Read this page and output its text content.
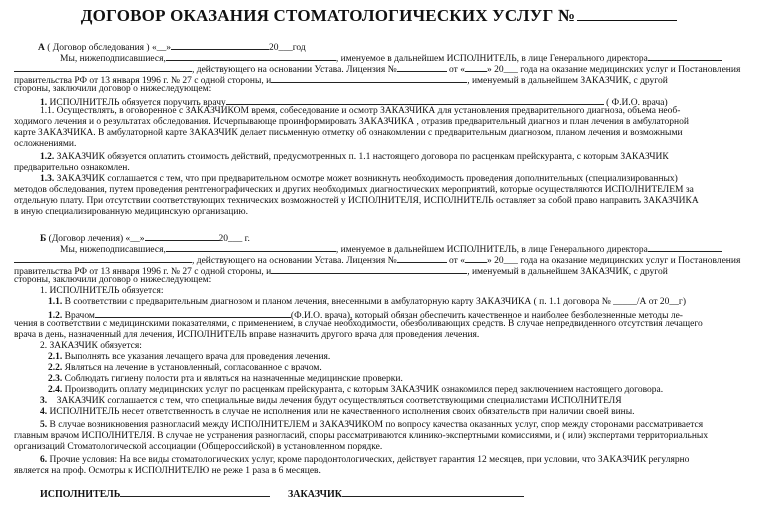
ДОГОВОР ОКАЗАНИЯ СТОМАТОЛОГИЧЕСКИХ УСЛУГ №
А ( Договор обследования ) «__»	20___год
Мы, нижеподписавшиеся,	, именуемое в дальнейшем ИСПОЛНИТЕЛЬ, в лице Генерального директора
, действующего на основании Устава. Лицензия №	от « » 20___ года на оказание медицинских услуг и Постановления
правительства РФ от 13 января 1996 г. № 27 с одной стороны, и	, именуемый в дальнейшем ЗАКАЗЧИК, с другой
стороны, заключили договор о нижеследующем:
1. ИСПОЛНИТЕЛЬ обязуется поручить врачу	( Ф.И.О. врача)
1.1. Осуществлять, в оговоренное с ЗАКАЗЧИКОМ время, собеседование и осмотр ЗАКАЗЧИКА для установления предварительного диагноза, объема необ-
ходимого лечения и о результатах обследования. Исчерпывающе проинформировать ЗАКАЗЧИКА , отразив предварительный диагноз и план лечения в амбулаторной
карте ЗАКАЗЧИКА. В амбулаторной карте ЗАКАЗЧИК делает письменную отметку об ознакомлении с предварительным диагнозом, планом лечения и возможными
осложнениями.
1.2. ЗАКАЗЧИК обязуется оплатить стоимость действий, предусмотренных п. 1.1 настоящего договора по расценкам прейскуранта, с которым ЗАКАЗЧИК
предварительно ознакомлен.
1.3. ЗАКАЗЧИК соглашается с тем, что при предварительном осмотре может возникнуть необходимость проведения дополнительных (специализированных)
методов обследования, путем проведения рентгенографических и других необходимых диагностических мероприятий, которые осуществляются ИСПОЛНИТЕЛЕМ за
отдельную плату. При отсутствии соответствующих технических возможностей у ИСПОЛНИТЕЛЯ, ИСПОЛНИТЕЛЬ оставляет за собой право направить ЗАКАЗЧИКА
в иную специализированную медицинскую организацию.
Б (Договор лечения) «__»	20___ г.
Мы, нижеподписавшиеся,	, именуемое в дальнейшем ИСПОЛНИТЕЛЬ, в лице Генерального директора
, действующего на основании Устава. Лицензия №	от « » 20___ года на оказание медицинских услуг и Постановления
правительства РФ от 13 января 1996 г. № 27 с одной стороны, и	, именуемый в дальнейшем ЗАКАЗЧИК, с другой
стороны, заключили договор о нижеследующем:
1. ИСПОЛНИТЕЛЬ обязуется:
1.1. В соответствии с предварительным диагнозом и планом лечения, внесенными в амбулаторную карту ЗАКАЗЧИКА ( п. 1.1 договора № _____/А от 20__г)
1.2. Врачом	(Ф.И.О. врача), который обязан обеспечить качественное и наиболее безболезненные методы ле-
чения в соответствии с медицинскими показателями, с применением, в случае необходимости, обезболивающих средств. В случае непредвиденного отсутствия лечащего
врача в день, назначенный для лечения, ИСПОЛНИТЕЛЬ вправе назначить другого врача для проведения лечения.
2. ЗАКАЗЧИК обязуется:
2.1. Выполнять все указания лечащего врача для проведения лечения.
2.2. Являться на лечение в установленный, согласованное с врачом.
2.3. Соблюдать гигиену полости рта и являться на назначенные медицинские проверки.
2.4. Производить оплату медицинских услуг по расценкам прейскуранта, с которым ЗАКАЗЧИК ознакомился перед заключением настоящего договора.
3. ЗАКАЗЧИК соглашается с тем, что специальные виды лечения будут осуществляться соответствующими специалистами ИСПОЛНИТЕЛЯ
4. ИСПОЛНИТЕЛЬ несет ответственность в случае не исполнения или не качественного исполнения своих обязательств при наличии своей вины.
5. В случае возникновения разногласий между ИСПОЛНИТЕЛЕМ и ЗАКАЗЧИКОМ по вопросу качества оказанных услуг, спор между сторонами рассматривается
главным врачом ИСПОЛНИТЕЛЯ. В случае не устранения разногласий, споры рассматриваются клинико-экспертными комиссиями, и ( или) экспертами территориальных
организаций Стоматологической ассоциации (Общероссийской) в установленном порядке.
6. Прочие условия: На все виды стоматологических услуг, кроме пародонтологических, действует гарантия 12 месяцев, при условии, что ЗАКАЗЧИК регулярно
является на проф. Осмотры к ИСПОЛНИТЕЛЮ не реже 1 раза в 6 месяцев.
ИСПОЛНИТЕЛЬ	ЗАКАЗЧИК
